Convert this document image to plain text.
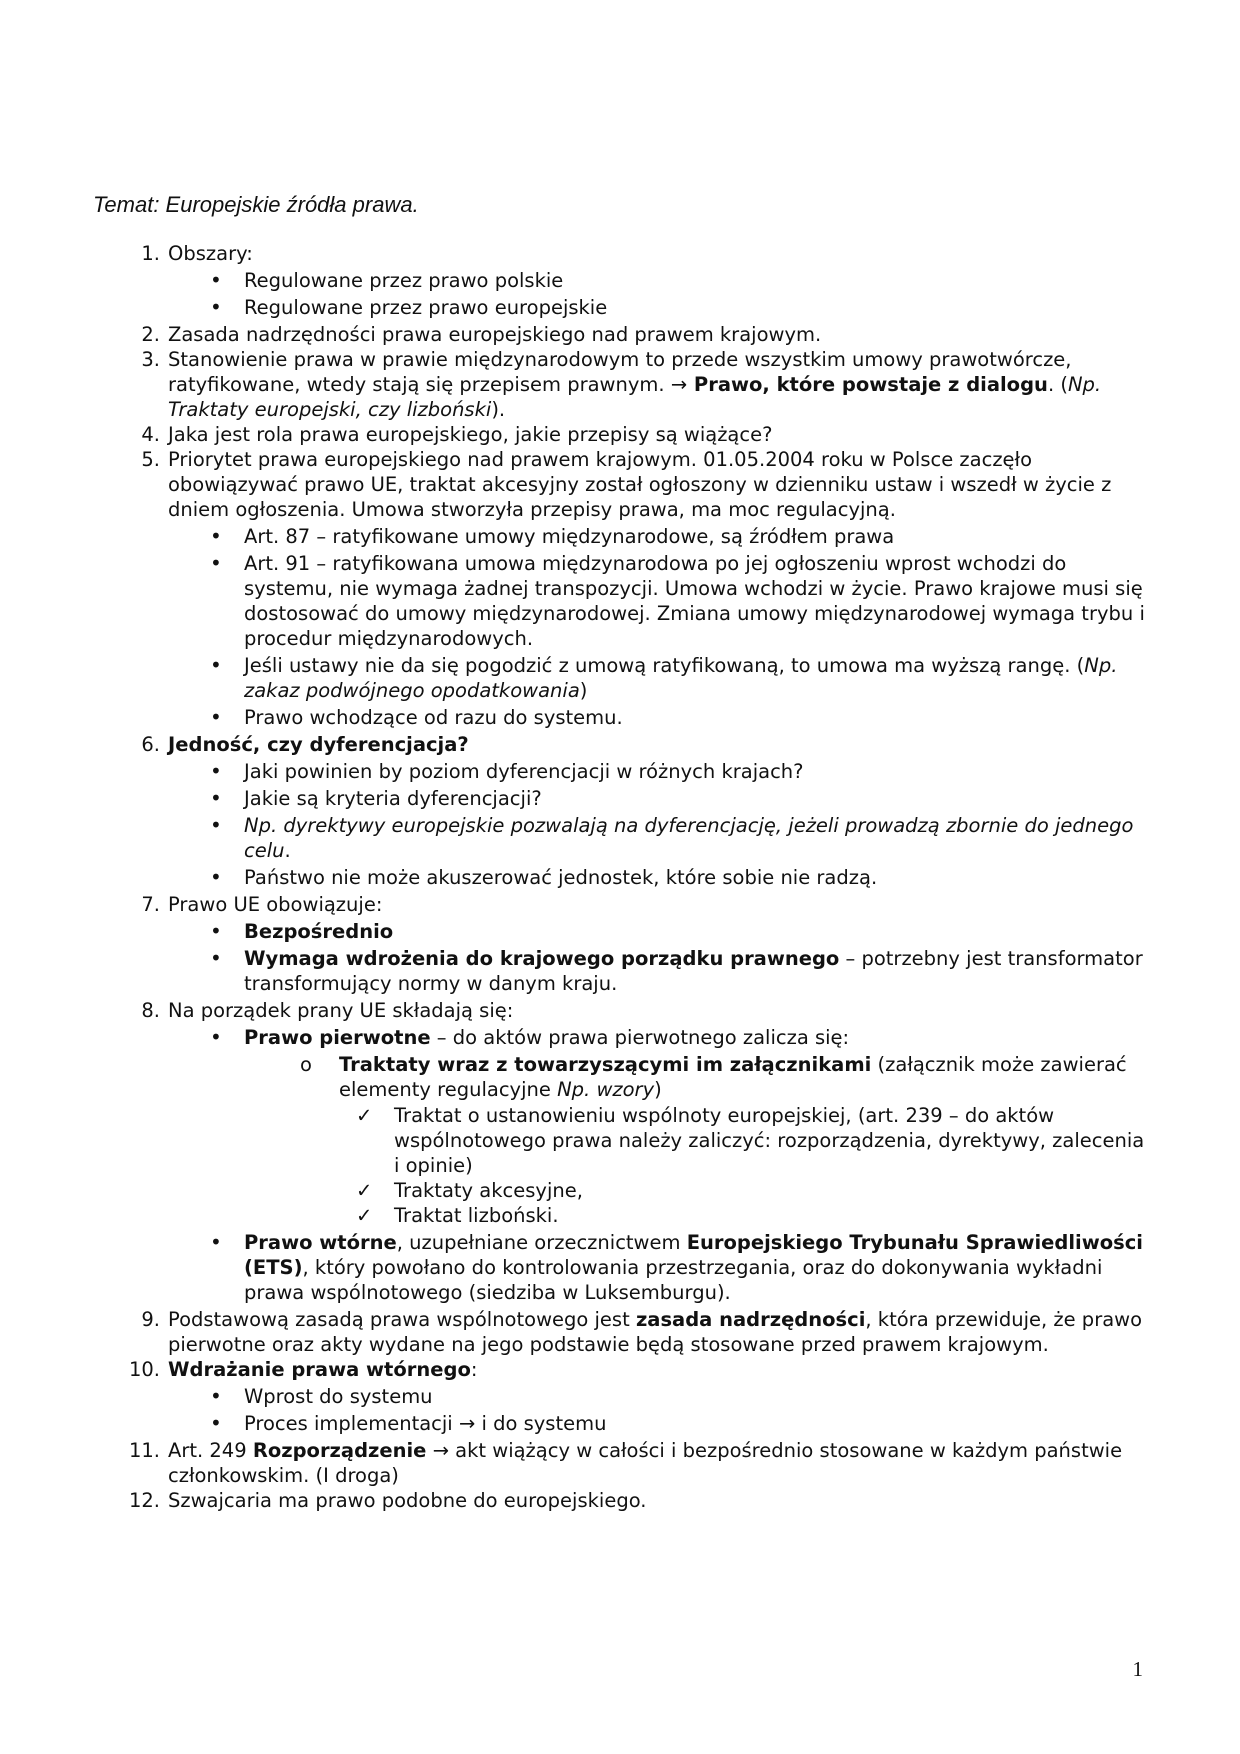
Temat: Europejskie źródła prawa.
1. Obszary:
• Regulowane przez prawo polskie
• Regulowane przez prawo europejskie
2. Zasada nadrzędności prawa europejskiego nad prawem krajowym.
3. Stanowienie prawa w prawie międzynarodowym to przede wszystkim umowy prawotwórcze, ratyfikowane, wtedy stają się przepisem prawnym. → Prawo, które powstaje z dialogu. (Np. Traktaty europejski, czy lizboński).
4. Jaka jest rola prawa europejskiego, jakie przepisy są wiążące?
5. Priorytet prawa europejskiego nad prawem krajowym. 01.05.2004 roku w Polsce zaczęło obowiązywać prawo UE, traktat akcesyjny został ogłoszony w dzienniku ustaw i wszedł w życie z dniem ogłoszenia. Umowa stworzyła przepisy prawa, ma moc regulacyjną.
• Art. 87 – ratyfikowane umowy międzynarodowe, są źródłem prawa
• Art. 91 – ratyfikowana umowa międzynarodowa po jej ogłoszeniu wprost wchodzi do systemu, nie wymaga żadnej transpozycji. Umowa wchodzi w życie. Prawo krajowe musi się dostosować do umowy międzynarodowej. Zmiana umowy międzynarodowej wymaga trybu i procedur międzynarodowych.
• Jeśli ustawy nie da się pogodzić z umową ratyfikowaną, to umowa ma wyższą rangę. (Np. zakaz podwójnego opodatkowania)
• Prawo wchodzące od razu do systemu.
6. Jedność, czy dyferencjacja?
• Jaki powinien by poziom dyferencjacji w różnych krajach?
• Jakie są kryteria dyferencjacji?
• Np. dyrektywy europejskie pozwalają na dyferencjację, jeżeli prowadzą zbornie do jednego celu.
• Państwo nie może akuszerować jednostek, które sobie nie radzą.
7. Prawo UE obowiązuje:
• Bezpośrednio
• Wymaga wdrożenia do krajowego porządku prawnego – potrzebny jest transformator transformujący normy w danym kraju.
8. Na porządek prany UE składają się:
• Prawo pierwotne – do aktów prawa pierwotnego zalicza się:
o Traktaty wraz z towarzyszącymi im załącznikami (załącznik może zawierać elementy regulacyjne Np. wzory)
✓ Traktat o ustanowieniu wspólnoty europejskiej, (art. 239 – do aktów wspólnotowego prawa należy zaliczyć: rozporządzenia, dyrektywy, zalecenia i opinie)
✓ Traktaty akcesyjne,
✓ Traktat lizboński.
• Prawo wtórne, uzupełniane orzecznictwem Europejskiego Trybunału Sprawiedliwości (ETS), który powołano do kontrolowania przestrzegania, oraz do dokonywania wykładni prawa wspólnotowego (siedziba w Luksemburgu).
9. Podstawową zasadą prawa wspólnotowego jest zasada nadrzędności, która przewiduje, że prawo pierwotne oraz akty wydane na jego podstawie będą stosowane przed prawem krajowym.
10. Wdrażanie prawa wtórnego:
• Wprost do systemu
• Proces implementacji → i do systemu
11. Art. 249 Rozporządzenie → akt wiążący w całości i bezpośrednio stosowane w każdym państwie członkowskim. (I droga)
12. Szwajcaria ma prawo podobne do europejskiego.
1
